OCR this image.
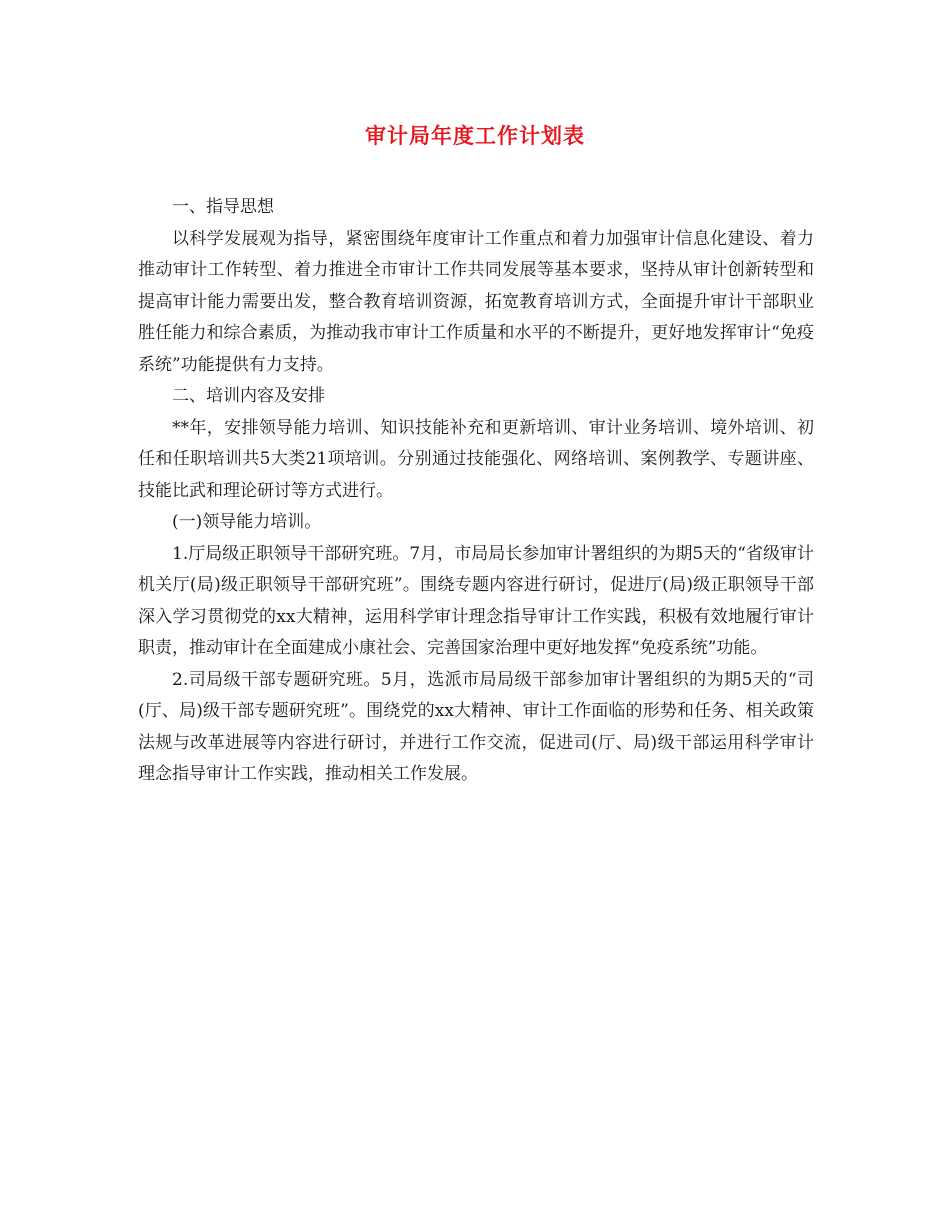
审计局年度工作计划表

一、指导思想

以科学发展观为指导，紧密围绕年度审计工作重点和着力加强审计信息化建设、着力推动审计工作转型、着力推进全市审计工作共同发展等基本要求，坚持从审计创新转型和提高审计能力需要出发，整合教育培训资源，拓宽教育培训方式，全面提升审计干部职业胜任能力和综合素质，为推动我市审计工作质量和水平的不断提升，更好地发挥审计“免疫系统”功能提供有力支持。

二、培训内容及安排

**年，安排领导能力培训、知识技能补充和更新培训、审计业务培训、境外培训、初任和任职培训共5大类21项培训。分别通过技能强化、网络培训、案例教学、专题讲座、技能比武和理论研讨等方式进行。

(一)领导能力培训。

1.厅局级正职领导干部研究班。7月，市局局长参加审计署组织的为期5天的“省级审计机关厅(局)级正职领导干部研究班”。围绕专题内容进行研讨，促进厅(局)级正职领导干部深入学习贯彻党的xx大精神，运用科学审计理念指导审计工作实践，积极有效地履行审计职责，推动审计在全面建成小康社会、完善国家治理中更好地发挥“免疫系统”功能。

2.司局级干部专题研究班。5月，选派市局局级干部参加审计署组织的为期5天的“司(厅、局)级干部专题研究班”。围绕党的xx大精神、审计工作面临的形势和任务、相关政策法规与改革进展等内容进行研讨，并进行工作交流，促进司(厅、局)级干部运用科学审计理念指导审计工作实践，推动相关工作发展。
